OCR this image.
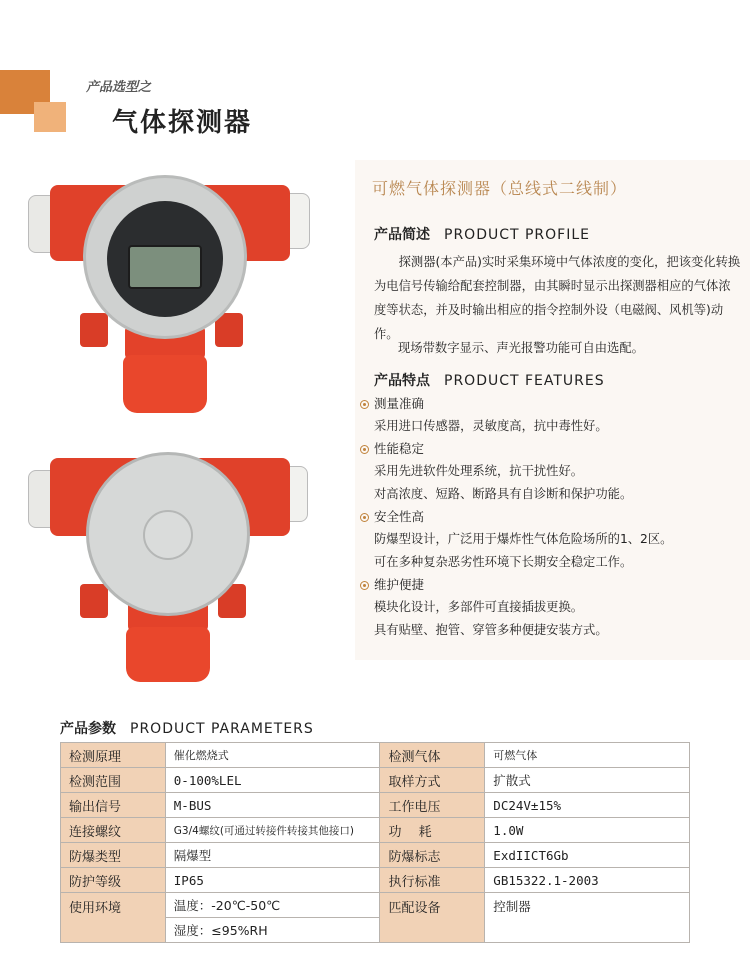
产品选型之
气体探测器
可燃气体探测器（总线式二线制）
产品简述 PRODUCT PROFILE
探测器(本产品)实时采集环境中气体浓度的变化，把该变化转换为电信号传输给配套控制器，由其瞬时显示出探测器相应的气体浓度等状态，并及时输出相应的指令控制外设（电磁阀、风机等)动作。
现场带数字显示、声光报警功能可自由选配。
产品特点 PRODUCT FEATURES
测量准确
采用进口传感器，灵敏度高，抗中毒性好。
性能稳定
采用先进软件处理系统，抗干扰性好。
对高浓度、短路、断路具有自诊断和保护功能。
安全性高
防爆型设计，广泛用于爆炸性气体危险场所的1、2区。
可在多种复杂恶劣性环境下长期安全稳定工作。
维护便捷
模块化设计，多部件可直接插拔更换。
具有贴壁、抱管、穿管多种便捷安装方式。
产品参数 PRODUCT PARAMETERS
检测原理	催化燃烧式	检测气体	可燃气体
检测范围	0-100%LEL	取样方式	扩散式
输出信号	M-BUS	工作电压	DC24V±15%
连接螺纹	G3/4螺纹(可通过转接件转接其他接口)	功　 耗	1.0W
防爆类型	隔爆型	防爆标志	ExdIICT6Gb
防护等级	IP65	执行标准	GB15322.1-2003
使用环境	温度：-20℃-50℃	匹配设备	控制器
	湿度：≤95%RH		
